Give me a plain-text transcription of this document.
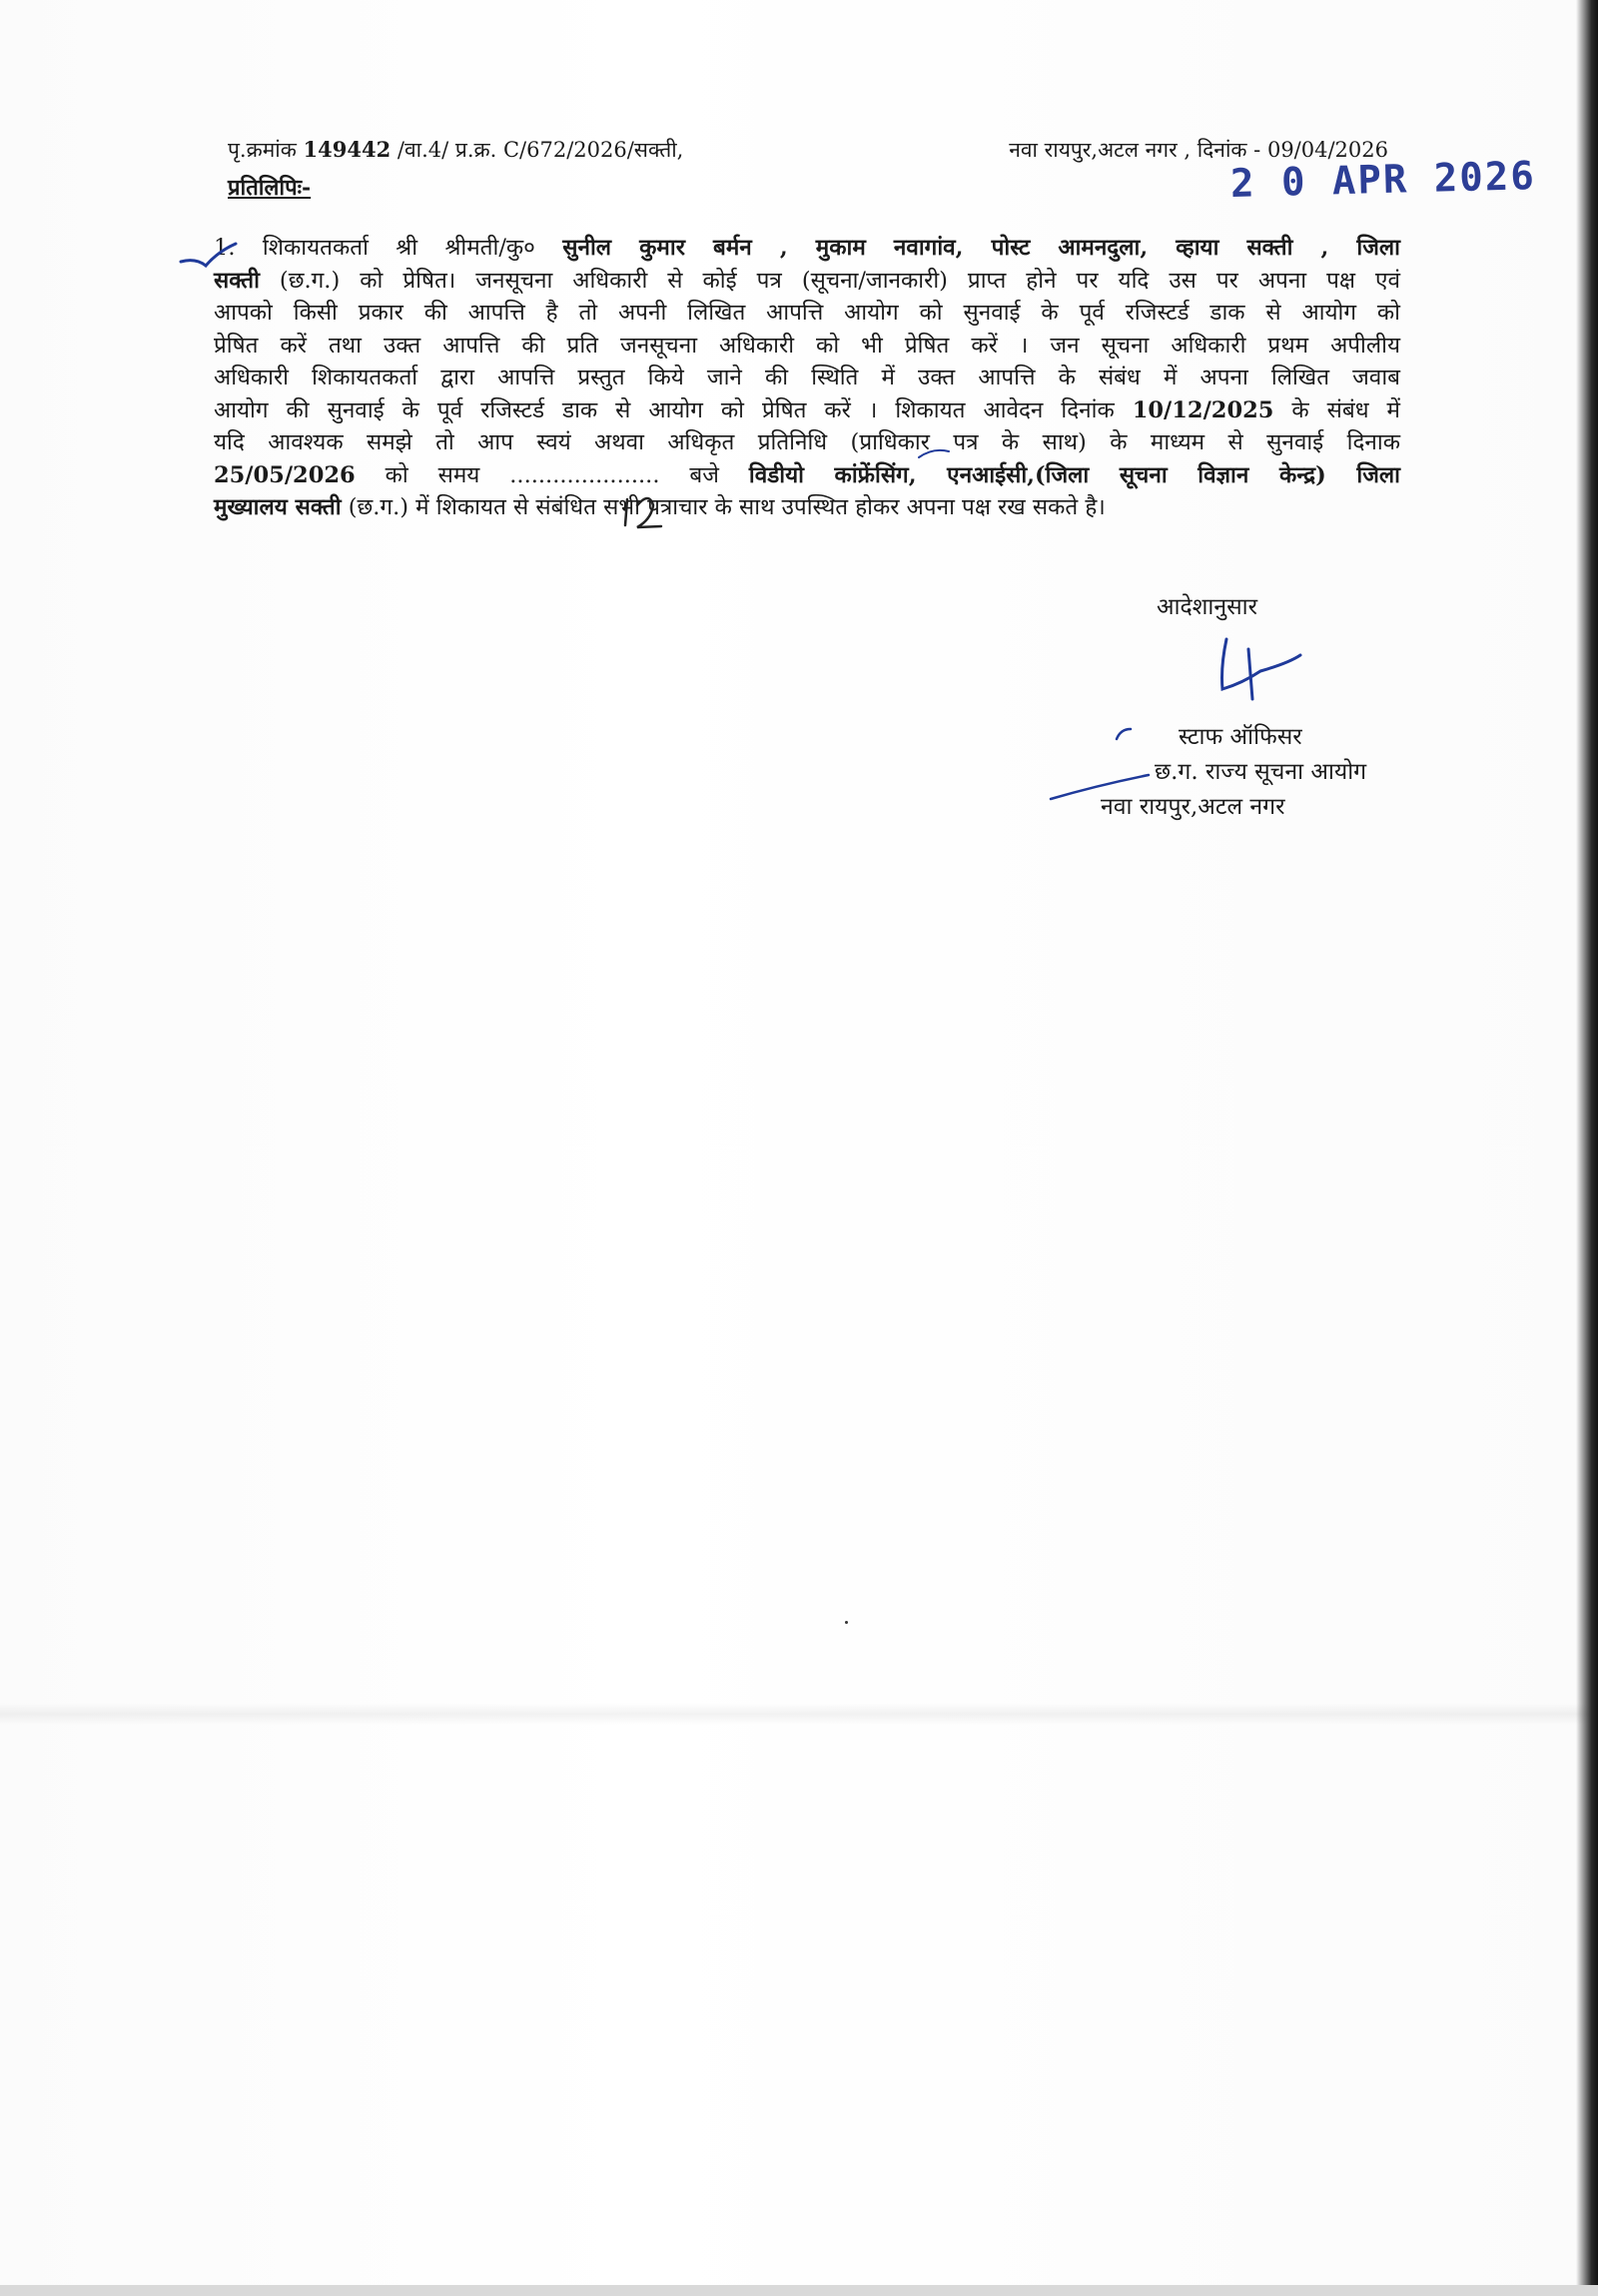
पृ.क्रमांक 149442 /वा.4/ प्र.क्र. C/672/2026/सक्ती,	नवा रायपुर,अटल नगर , दिनांक - 09/04/2026
प्रतिलिपिः-	2 0 APR 2026
1. शिकायतकर्ता श्री श्रीमती/कु० सुनील कुमार बर्मन , मुकाम नवागांव, पोस्ट आमनदुला, व्हाया सक्ती , जिला
सक्ती (छ.ग.) को प्रेषित। जनसूचना अधिकारी से कोई पत्र (सूचना/जानकारी) प्राप्त होने पर यदि उस पर अपना पक्ष एवं
आपको किसी प्रकार की आपत्ति है तो अपनी लिखित आपत्ति आयोग को सुनवाई के पूर्व रजिस्टर्ड डाक से आयोग को
प्रेषित करें तथा उक्त आपत्ति की प्रति जनसूचना अधिकारी को भी प्रेषित करें । जन सूचना अधिकारी प्रथम अपीलीय
अधिकारी शिकायतकर्ता द्वारा आपत्ति प्रस्तुत किये जाने की स्थिति में उक्त आपत्ति के संबंध में अपना लिखित जवाब
आयोग की सुनवाई के पूर्व रजिस्टर्ड डाक से आयोग को प्रेषित करें । शिकायत आवेदन दिनांक 10/12/2025 के संबंध में
यदि आवश्यक समझे तो आप स्वयं अथवा अधिकृत प्रतिनिधि (प्राधिकार पत्र के साथ) के माध्यम से सुनवाई दिनाक
25/05/2026 को समय ..................... बजे विडीयो कांफ्रेंसिंग, एनआईसी,(जिला सूचना विज्ञान केन्द्र) जिला
मुख्यालय सक्ती (छ.ग.) में शिकायत से संबंधित सभी पत्राचार के साथ उपस्थित होकर अपना पक्ष रख सकते है।
आदेशानुसार
स्टाफ ऑफिसर
छ.ग. राज्य सूचना आयोग
नवा रायपुर,अटल नगर
